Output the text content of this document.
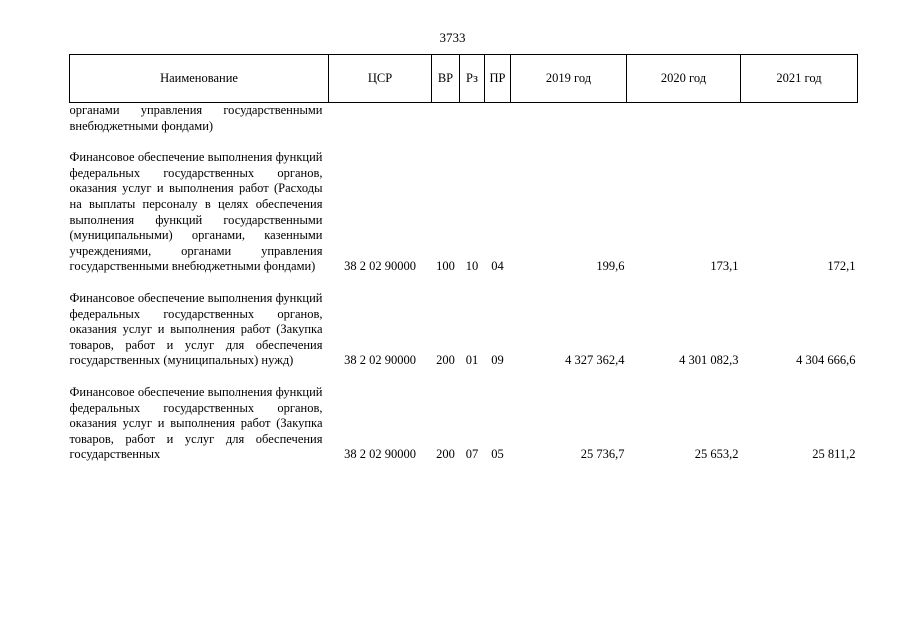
3733
Наименование	ЦСР	ВР	Рз	ПР	2019 год	2020 год	2021 год
органами управления государственными внебюджетными фондами)							

Финансовое обеспечение выполнения функций федеральных государственных органов, оказания услуг и выполнения работ (Расходы на выплаты персоналу в целях обеспечения выполнения функций государственными (муниципальными) органами, казенными учреждениями, органами управления государственными внебюджетными фондами)	38 2 02 90000	100	10	04	199,6	173,1	172,1

Финансовое обеспечение выполнения функций федеральных государственных органов, оказания услуг и выполнения работ (Закупка товаров, работ и услуг для обеспечения государственных (муниципальных) нужд)	38 2 02 90000	200	01	09	4 327 362,4	4 301 082,3	4 304 666,6

Финансовое обеспечение выполнения функций федеральных государственных органов, оказания услуг и выполнения работ (Закупка товаров, работ и услуг для обеспечения государственных	38 2 02 90000	200	07	05	25 736,7	25 653,2	25 811,2
